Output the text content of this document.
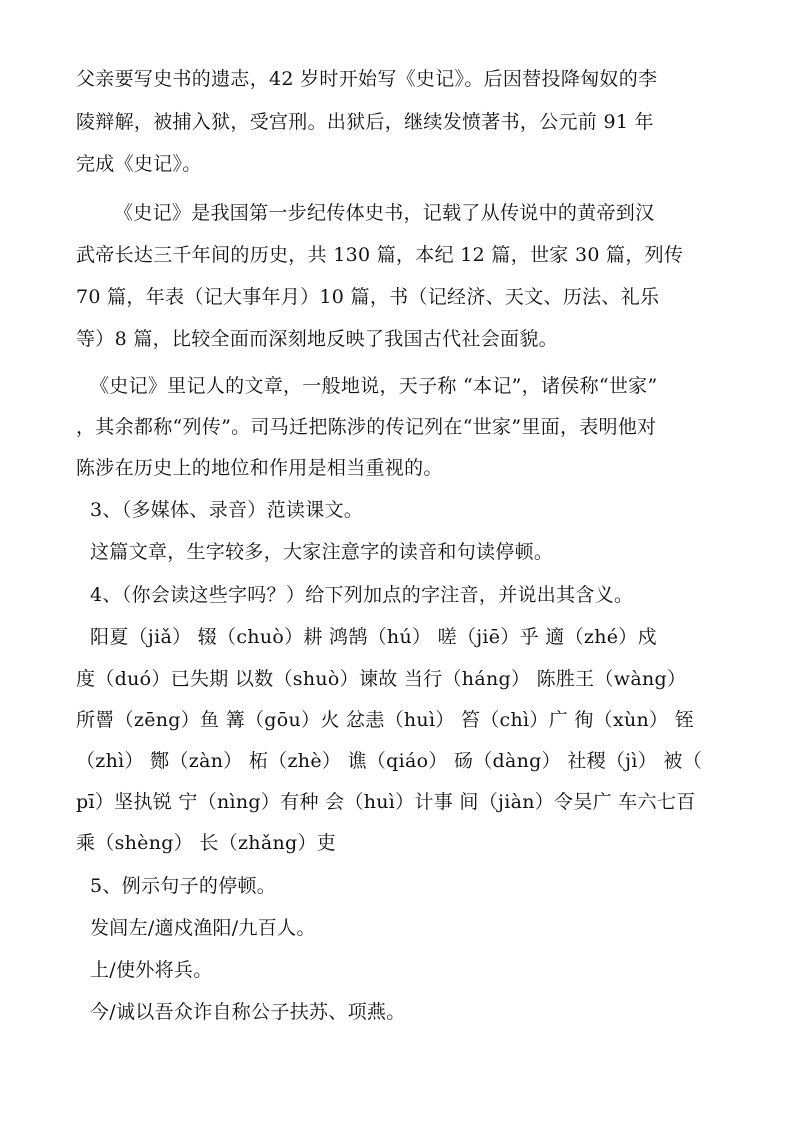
父亲要写史书的遗志，42 岁时开始写《史记》。后因替投降匈奴的李
陵辩解，被捕入狱，受宫刑。出狱后，继续发愤著书，公元前 91 年
完成《史记》。
《史记》是我国第一步纪传体史书，记载了从传说中的黄帝到汉
武帝长达三千年间的历史，共 130 篇，本纪 12 篇，世家 30 篇，列传
70 篇，年表（记大事年月）10 篇，书（记经济、天文、历法、礼乐
等）8 篇，比较全面而深刻地反映了我国古代社会面貌。
《史记》里记人的文章，一般地说，天子称 “本记”，诸侯称“世家”
，其余都称“列传”。司马迁把陈涉的传记列在“世家”里面，表明他对
陈涉在历史上的地位和作用是相当重视的。
3、（多媒体、录音）范读课文。
这篇文章，生字较多，大家注意字的读音和句读停顿。
4、（你会读这些字吗？）给下列加点的字注音，并说出其含义。
阳夏（jiǎ） 辍（chuò）耕 鸿鹄（hú） 嗟（jiē）乎 適（zhé）戍
度（duó）已失期 以数（shuò）谏故 当行（háng） 陈胜王（wàng）
所罾（zēng）鱼 篝（gōu）火 忿恚（huì） 笞（chì）广 徇（xùn） 铚
（zhì） 酂（zàn） 柘（zhè） 谯（qiáo） 砀（dàng） 社稷（jì） 被（
pī）坚执锐 宁（nìng）有种 会（huì）计事 间（jiàn）令吴广 车六七百
乘（shèng） 长（zhǎng）吏
5、例示句子的停顿。
发闾左/適戍渔阳/九百人。
上/使外将兵。
今/诚以吾众诈自称公子扶苏、项燕。
